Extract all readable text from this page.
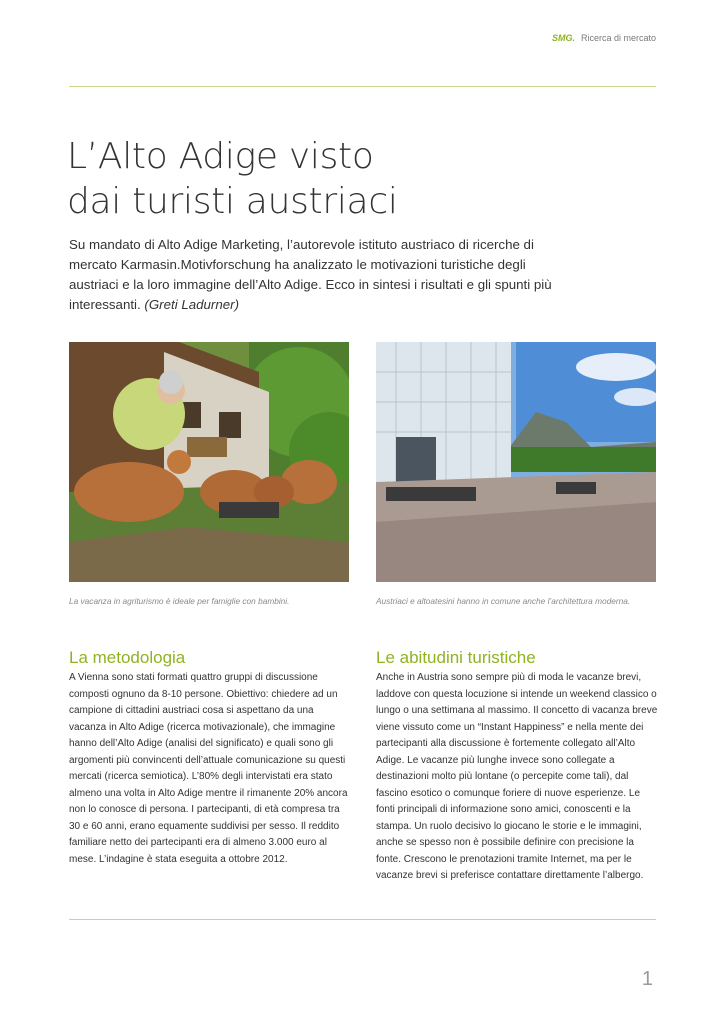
SMG. Ricerca di mercato
L’Alto Adige visto
dai turisti austriaci

Su mandato di Alto Adige Marketing, l’autorevole istituto austriaco di ricerche di mercato Karmasin.Motivforschung ha analizzato le motivazioni turistiche degli austriaci e la loro immagine dell’Alto Adige. Ecco in sintesi i risultati e gli spunti più interessanti. (Greti Ladurner)

La vacanza in agriturismo è ideale per famiglie con bambini.	Austriaci e altoatesini hanno in comune anche l’architettura moderna.
La metodologia

A Vienna sono stati formati quattro gruppi di discussione composti ognuno da 8-10 persone. Obiettivo: chiedere ad un campione di cittadini austriaci cosa si aspettano da una vacanza in Alto Adige (ricerca motivazionale), che immagine hanno dell’Alto Adige (analisi del significato) e quali sono gli argomenti più convincenti dell’attuale comunicazione su questi mercati (ricerca semiotica). L’80% degli intervistati era stato almeno una volta in Alto Adige mentre il rimanente 20% ancora non lo conosce di persona. I partecipanti, di età compresa tra 30 e 60 anni, erano equamente suddivisi per sesso. Il reddito familiare netto dei partecipanti era di almeno 3.000 euro al mese. L’indagine è stata eseguita a ottobre 2012.

Le abitudini turistiche

Anche in Austria sono sempre più di moda le vacanze brevi, laddove con questa locuzione si intende un weekend classico o lungo o una settimana al massimo. Il concetto di vacanza breve viene vissuto come un “Instant Happiness” e nella mente dei partecipanti alla discussione è fortemente collegato all’Alto Adige. Le vacanze più lunghe invece sono collegate a destinazioni molto più lontane (o percepite come tali), dal fascino esotico o comunque foriere di nuove esperienze. Le fonti principali di informazione sono amici, conoscenti e la stampa. Un ruolo decisivo lo giocano le storie e le immagini, anche se spesso non è possibile definire con precisione la fonte. Crescono le prenotazioni tramite Internet, ma per le vacanze brevi si preferisce contattare direttamente l’albergo.

1
